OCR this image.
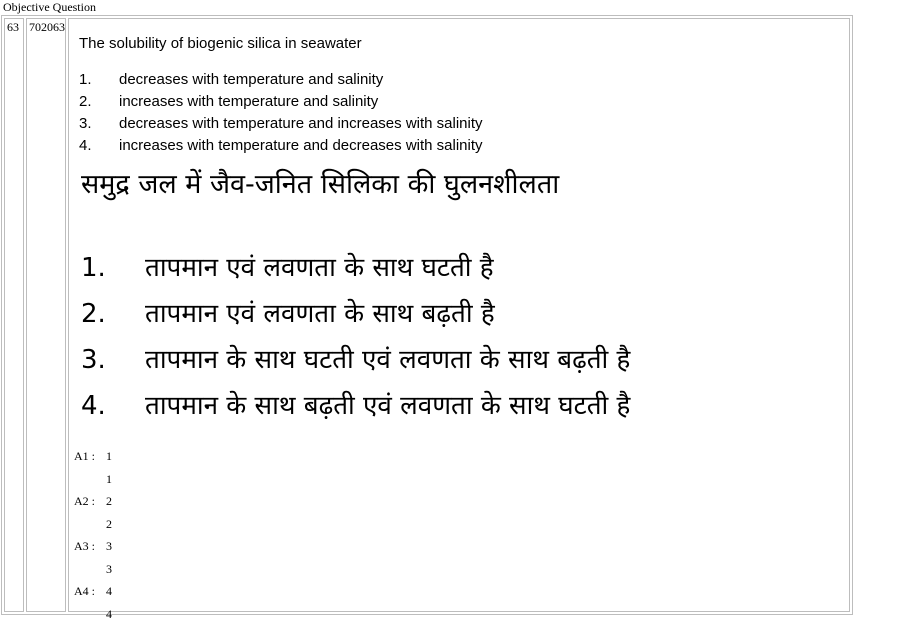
Objective Question
63 702063
The solubility of biogenic silica in seawater
1.	decreases with temperature and salinity
2.	increases with temperature and salinity
3.	decreases with temperature and increases with salinity
4.	increases with temperature and decreases with salinity
समुद्र जल में जैव-जनित सिलिका की घुलनशीलता
1.	तापमान एवं लवणता के साथ घटती है
2.	तापमान एवं लवणता के साथ बढ़ती है
3.	तापमान के साथ घटती एवं लवणता के साथ बढ़ती है
4.	तापमान के साथ बढ़ती एवं लवणता के साथ घटती है
A1 : 1
1
A2 : 2
2
A3 : 3
3
A4 : 4
4
